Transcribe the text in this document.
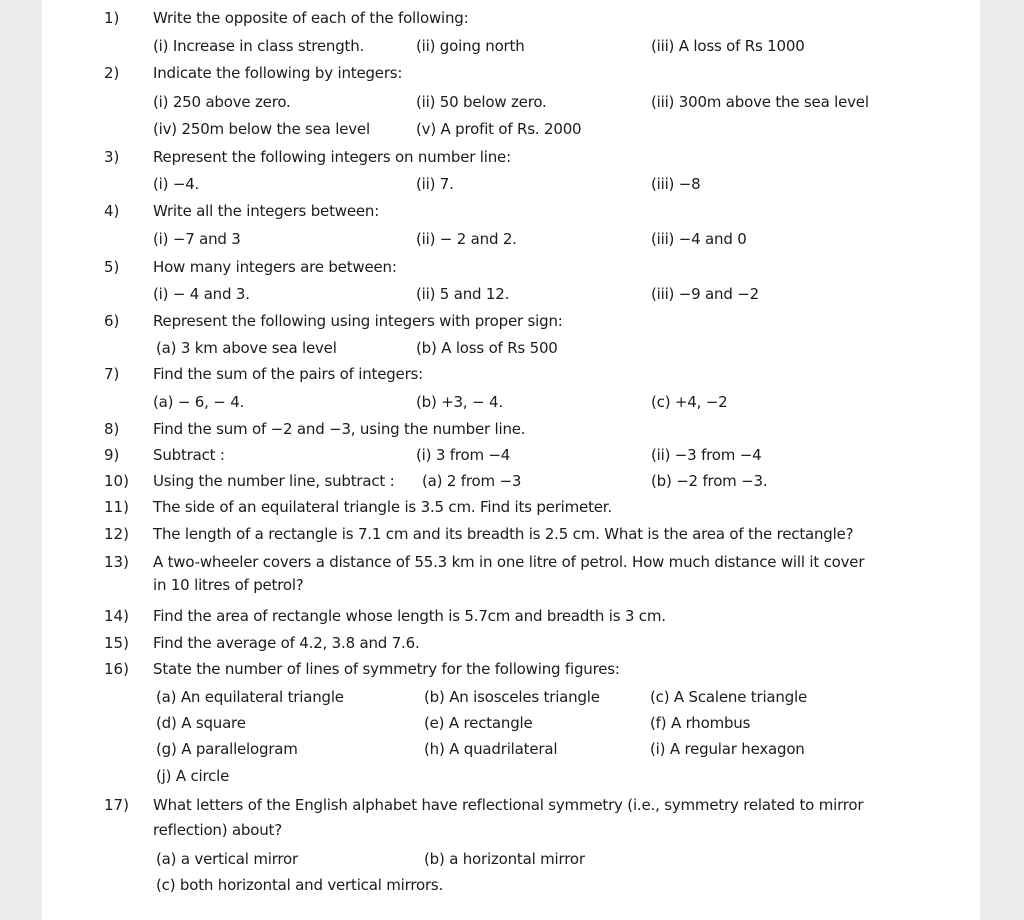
1) Write the opposite of each of the following:
(i) Increase in class strength.	(ii) going north	(iii) A loss of Rs 1000
2) Indicate the following by integers:
(i) 250 above zero.	(ii) 50 below zero.	(iii) 300m above the sea level
(iv) 250m below the sea level	(v) A profit of Rs. 2000
3) Represent the following integers on number line:
(i) −4.	(ii) 7.	(iii) −8
4) Write all the integers between:
(i) −7 and 3	(ii) − 2 and 2.	(iii) −4 and 0
5) How many integers are between:
(i) − 4 and 3.	(ii) 5 and 12.	(iii) −9 and −2
6) Represent the following using integers with proper sign:
(a) 3 km above sea level	(b) A loss of Rs 500
7) Find the sum of the pairs of integers:
(a) − 6, − 4.	(b) +3, − 4.	(c) +4, −2
8) Find the sum of −2 and −3, using the number line.
9) Subtract :	(i) 3 from −4	(ii) −3 from −4
10) Using the number line, subtract : (a) 2 from −3	(b) −2 from −3.
11) The side of an equilateral triangle is 3.5 cm. Find its perimeter.
12) The length of a rectangle is 7.1 cm and its breadth is 2.5 cm. What is the area of the rectangle?
13) A two-wheeler covers a distance of 55.3 km in one litre of petrol. How much distance will it cover
in 10 litres of petrol?
14) Find the area of rectangle whose length is 5.7cm and breadth is 3 cm.
15) Find the average of 4.2, 3.8 and 7.6.
16) State the number of lines of symmetry for the following figures:
(a) An equilateral triangle	(b) An isosceles triangle	(c) A Scalene triangle
(d) A square	(e) A rectangle	(f) A rhombus
(g) A parallelogram	(h) A quadrilateral	(i) A regular hexagon
(j) A circle
17) What letters of the English alphabet have reflectional symmetry (i.e., symmetry related to mirror
reflection) about?
(a) a vertical mirror	(b) a horizontal mirror
(c) both horizontal and vertical mirrors.
